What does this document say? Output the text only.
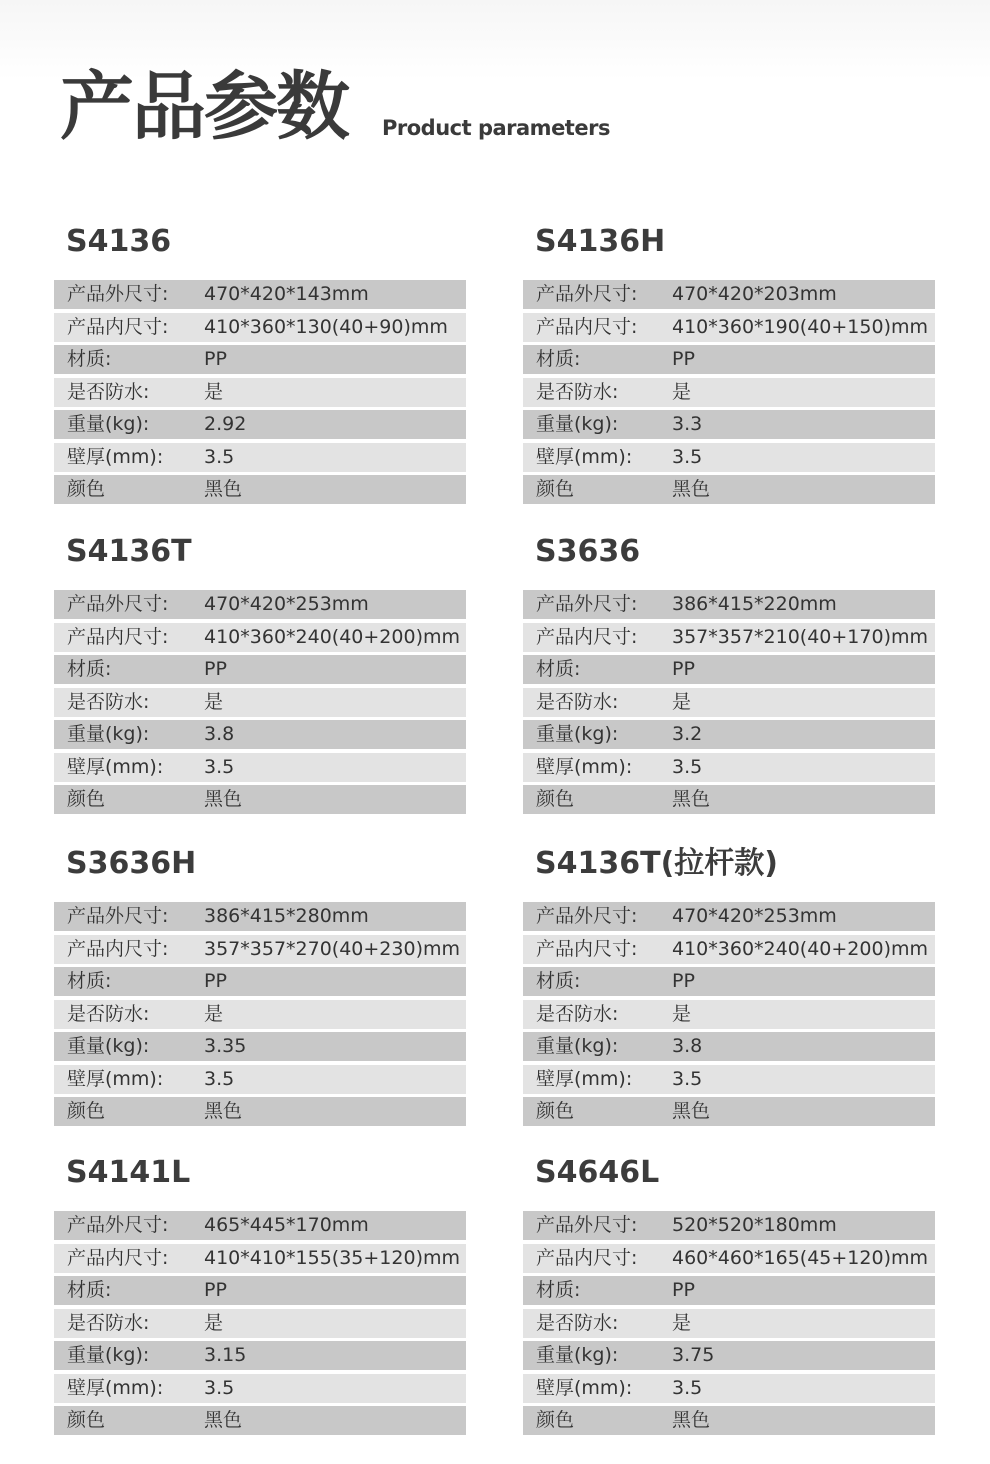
产品参数 Product parameters
S4136
产品外尺寸: 470*420*143mm
产品内尺寸: 410*360*130(40+90)mm
材质:	PP
是否防水:	是
重量(kg):	2.92
壁厚(mm): 3.5
颜色	黑色
S4136H
产品外尺寸: 470*420*203mm
产品内尺寸: 410*360*190(40+150)mm
材质:	PP
是否防水:	是
重量(kg):	3.3
壁厚(mm): 3.5
颜色	黑色
S4136T
产品外尺寸: 470*420*253mm
产品内尺寸: 410*360*240(40+200)mm
材质:	PP
是否防水:	是
重量(kg):	3.8
壁厚(mm): 3.5
颜色	黑色
S3636
产品外尺寸: 386*415*220mm
产品内尺寸: 357*357*210(40+170)mm
材质:	PP
是否防水:	是
重量(kg):	3.2
壁厚(mm): 3.5
颜色	黑色
S3636H
产品外尺寸: 386*415*280mm
产品内尺寸: 357*357*270(40+230)mm
材质:	PP
是否防水:	是
重量(kg):	3.35
壁厚(mm): 3.5
颜色	黑色
S4136T(拉杆款)
产品外尺寸: 470*420*253mm
产品内尺寸: 410*360*240(40+200)mm
材质:	PP
是否防水:	是
重量(kg):	3.8
壁厚(mm): 3.5
颜色	黑色
S4141L
产品外尺寸: 465*445*170mm
产品内尺寸: 410*410*155(35+120)mm
材质:	PP
是否防水:	是
重量(kg):	3.15
壁厚(mm): 3.5
颜色	黑色
S4646L
产品外尺寸: 520*520*180mm
产品内尺寸: 460*460*165(45+120)mm
材质:	PP
是否防水:	是
重量(kg):	3.75
壁厚(mm): 3.5
颜色	黑色
